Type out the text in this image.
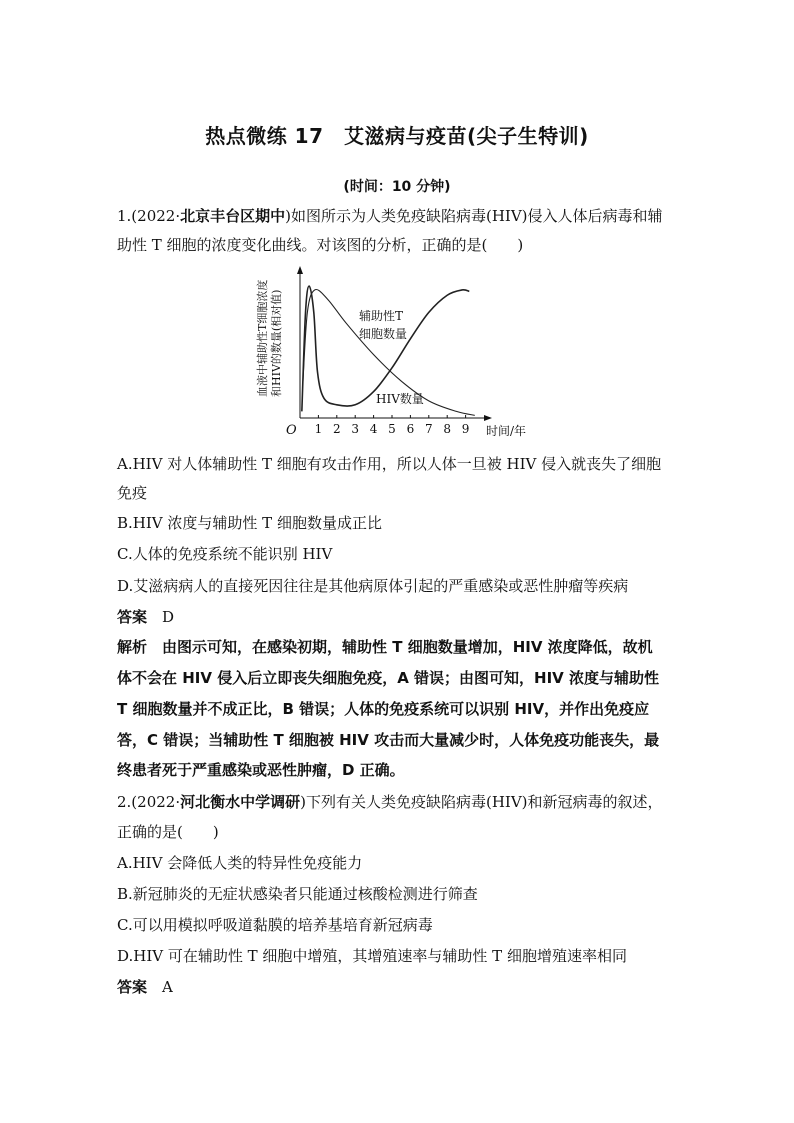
热点微练 17　艾滋病与疫苗(尖子生特训)
(时间：10 分钟)
1.(2022·北京丰台区期中)如图所示为人类免疫缺陷病毒(HIV)侵入人体后病毒和辅
助性 T 细胞的浓度变化曲线。对该图的分析，正确的是(　　)
血液中辅助性T细胞浓度 和HIV的数量(相对值)
O 1 2 3 4 5 6 7 8 9 时间/年
辅助性T
细胞数量
HIV数量
A.HIV 对人体辅助性 T 细胞有攻击作用，所以人体一旦被 HIV 侵入就丧失了细胞
免疫
B.HIV 浓度与辅助性 T 细胞数量成正比
C.人体的免疫系统不能识别 HIV
D.艾滋病病人的直接死因往往是其他病原体引起的严重感染或恶性肿瘤等疾病
答案　 D
解析　 由图示可知，在感染初期，辅助性 T 细胞数量增加，HIV 浓度降低，故机
体不会在 HIV 侵入后立即丧失细胞免疫，A 错误；由图可知，HIV 浓度与辅助性
T 细胞数量并不成正比，B 错误；人体的免疫系统可以识别 HIV，并作出免疫应
答，C 错误；当辅助性 T 细胞被 HIV 攻击而大量减少时，人体免疫功能丧失，最
终患者死于严重感染或恶性肿瘤，D 正确。
2.(2022·河北衡水中学调研)下列有关人类免疫缺陷病毒(HIV)和新冠病毒的叙述，
正确的是(　　)
A.HIV 会降低人类的特异性免疫能力
B.新冠肺炎的无症状感染者只能通过核酸检测进行筛查
C.可以用模拟呼吸道黏膜的培养基培育新冠病毒
D.HIV 可在辅助性 T 细胞中增殖，其增殖速率与辅助性 T 细胞增殖速率相同
答案　 A
